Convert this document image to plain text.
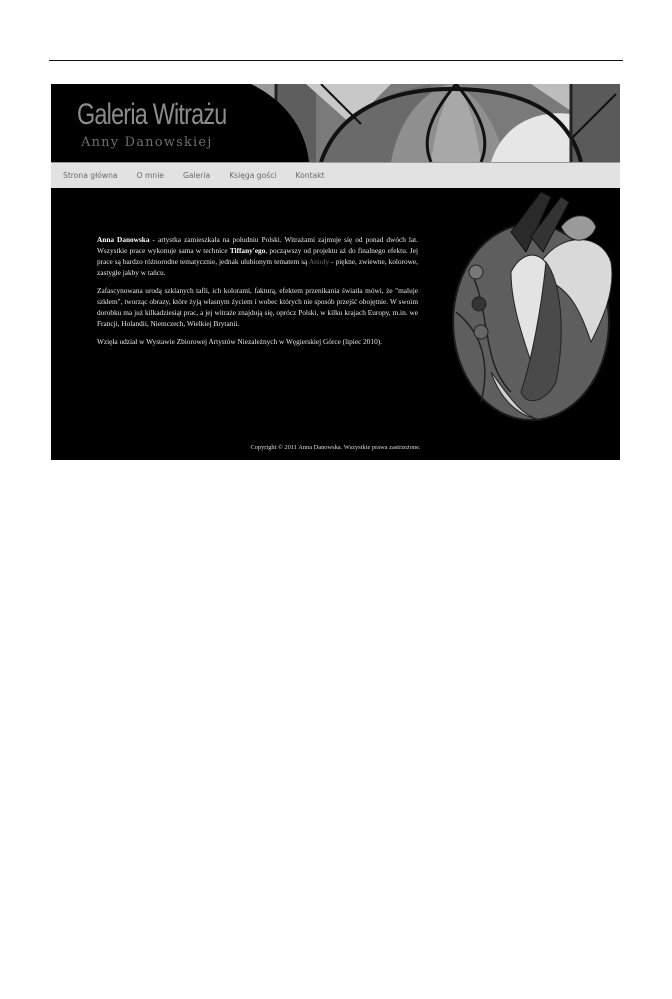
Galeria Witrażu
Anny Danowskiej
Strona główna	O mnie	Galeria	Księga gości	Kontakt

Anna Danowska - artystka zamieszkała na południu Polski. Witrażami zajmuje się od ponad dwóch lat. Wszystkie prace wykonuje sama w technice Tiffany'ego, począwszy od projektu aż do finalnego efektu. Jej prace są bardzo różnorodne tematycznie, jednak ulubionym tematem są Anioły - piękne, zwiewne, kolorowe, zastygłe jakby w tańcu.

Zafascynowana urodą szklanych tafli, ich kolorami, fakturą, efektem przenikania światła mówi, że "maluje szkłem", tworząc obrazy, które żyją własnym życiem i wobec których nie sposób przejść obojętnie. W swoim dorobku ma już kilkadziesiąt prac, a jej witraże znajdują się, oprócz Polski, w kilku krajach Europy, m.in. we Francji, Holandii, Niemczech, Wielkiej Brytanii.

Wzięła udział w Wystawie Zbiorowej Artystów Niezależnych w Węgierskiej Górce (lipiec 2010).

Copyright © 2011 Anna Danowska. Wszystkie prawa zastrzeżone.
